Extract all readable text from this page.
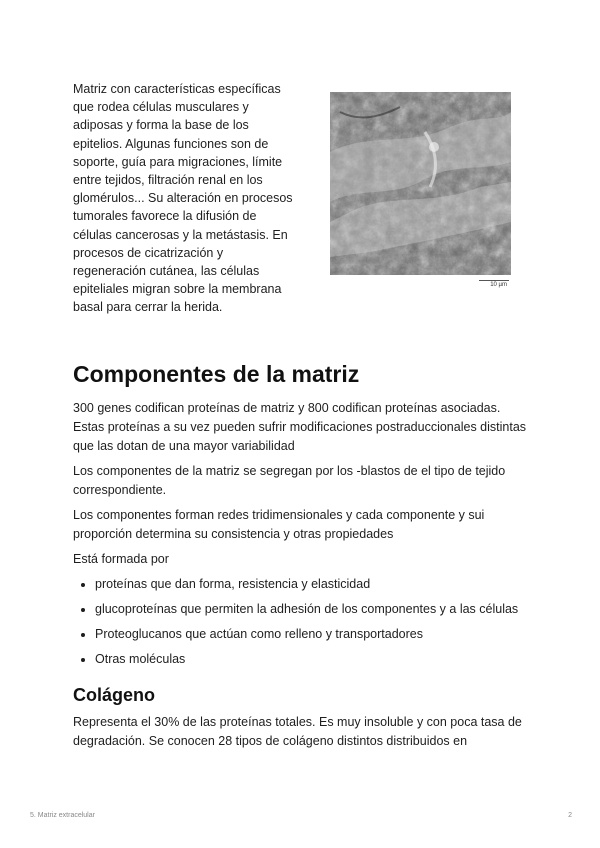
Matriz con características específicas que rodea células musculares y adiposas y forma la base de los epitelios. Algunas funciones son de soporte, guía para migraciones, límite entre tejidos, filtración renal en los glomérulos... Su alteración en procesos tumorales favorece la difusión de células cancerosas y la metástasis. En procesos de cicatrización y regeneración cutánea, las células epiteliales migran sobre la membrana basal para cerrar la herida.

10 µm
Componentes de la matriz

300 genes codifican proteínas de matriz y 800 codifican proteínas asociadas. Estas proteínas a su vez pueden sufrir modificaciones postraduccionales distintas que las dotan de una mayor variabilidad

Los componentes de la matriz se segregan por los -blastos de el tipo de tejido correspondiente.

Los componentes forman redes tridimensionales y cada componente y sui proporción determina su consistencia y otras propiedades

Está formada por

• proteínas que dan forma, resistencia y elasticidad
• glucoproteínas que permiten la adhesión de los componentes y a las células
• Proteoglucanos que actúan como relleno y transportadores
• Otras moléculas
Colágeno

Representa el 30% de las proteínas totales. Es muy insoluble y con poca tasa de degradación. Se conocen 28 tipos de colágeno distintos distribuidos en

5. Matriz extracelular	2
